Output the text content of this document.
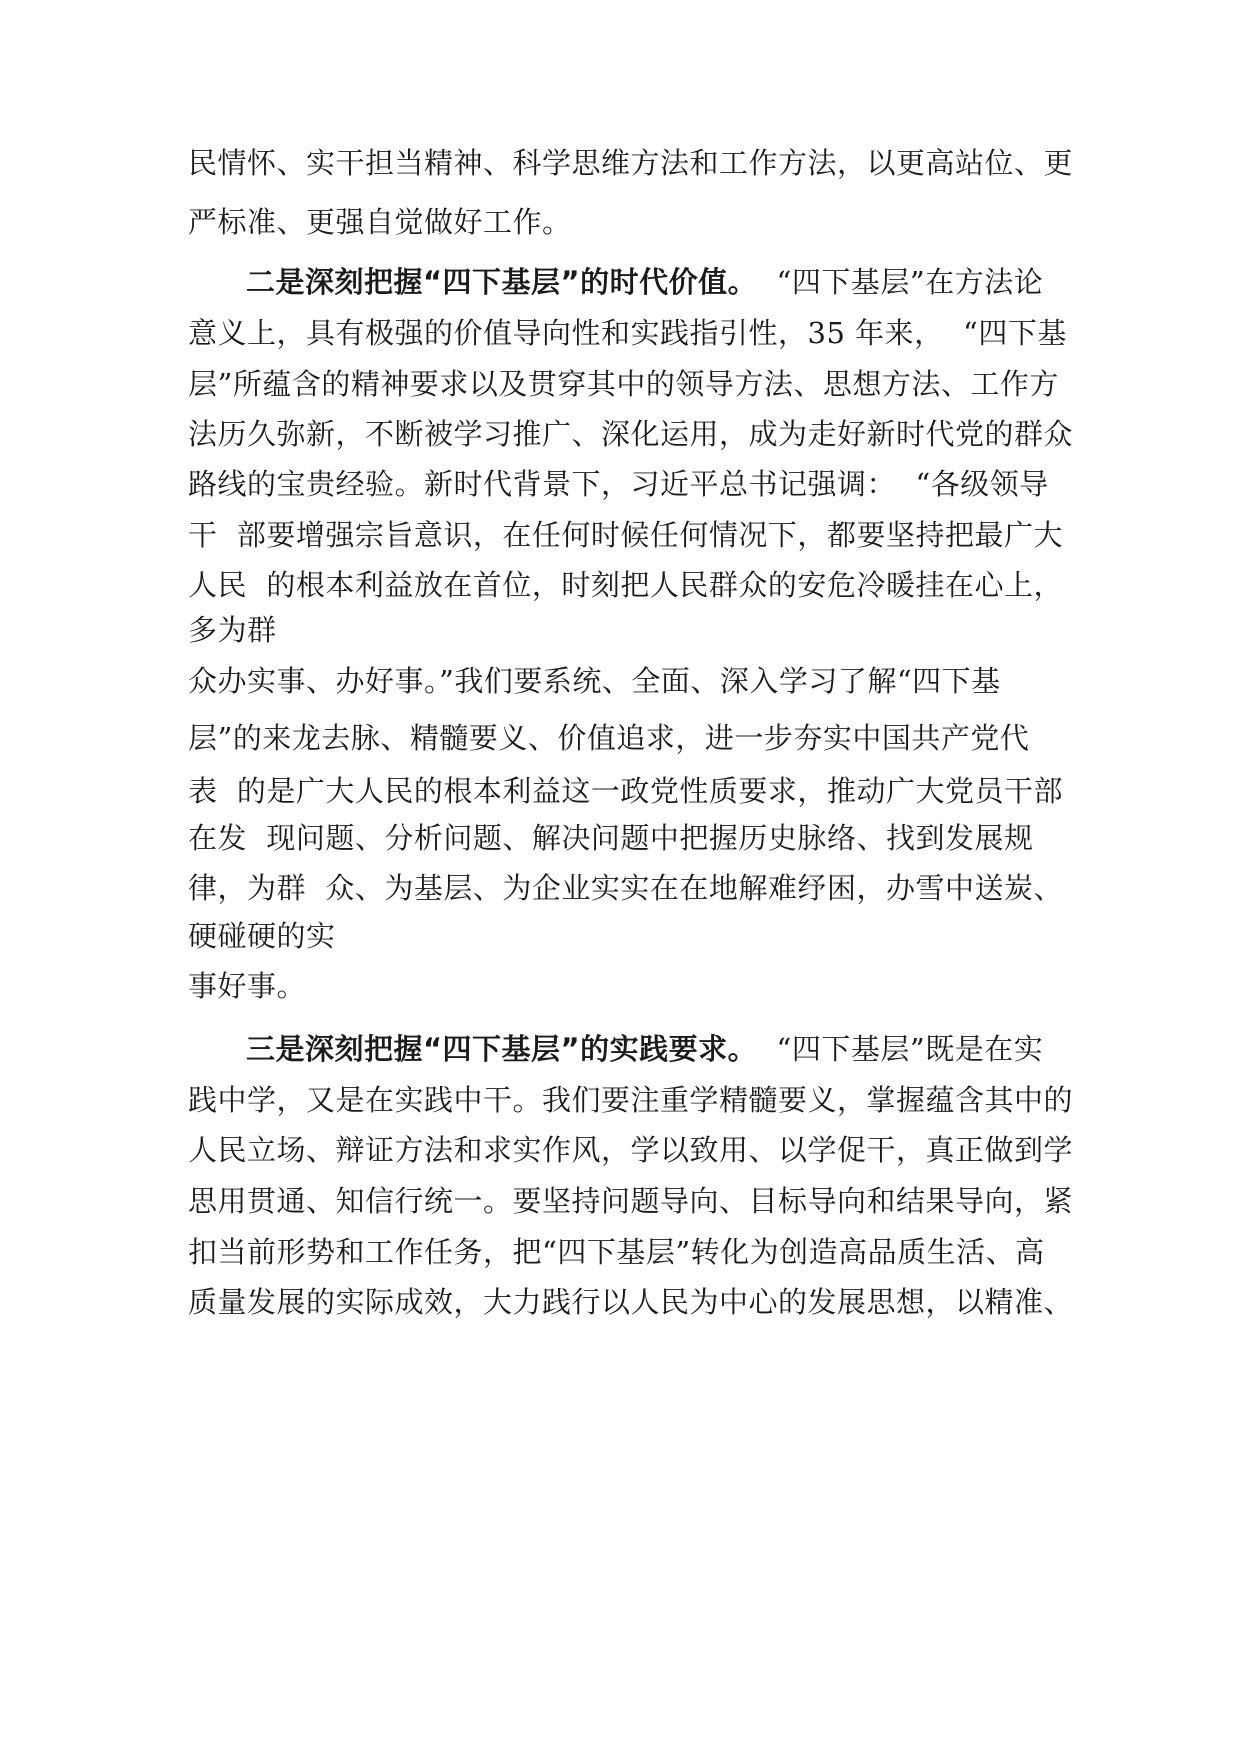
民情怀、实干担当精神、科学思维方法和工作方法，以更高站位、更
严标准、更强自觉做好工作。
二是深刻把握“四下基层”的时代价值。  “四下基层”在方法论
意义上，具有极强的价值导向性和实践指引性，35 年来，  “四下基
层”所蕴含的精神要求以及贯穿其中的领导方法、思想方法、工作方
法历久弥新，不断被学习推广、深化运用，成为走好新时代党的群众
路线的宝贵经验。新时代背景下，习近平总书记强调：  “各级领导
干  部要增强宗旨意识，在任何时候任何情况下，都要坚持把最广大
人民  的根本利益放在首位，时刻把人民群众的安危冷暖挂在心上，
多为群
众办实事、办好事。”我们要系统、全面、深入学习了解“四下基
层”的来龙去脉、精髓要义、价值追求，进一步夯实中国共产党代
表  的是广大人民的根本利益这一政党性质要求，推动广大党员干部
在发  现问题、分析问题、解决问题中把握历史脉络、找到发展规
律，为群  众、为基层、为企业实实在在地解难纾困，办雪中送炭、
硬碰硬的实
事好事。
三是深刻把握“四下基层”的实践要求。  “四下基层”既是在实
践中学，又是在实践中干。我们要注重学精髓要义，掌握蕴含其中的
人民立场、辩证方法和求实作风，学以致用、以学促干，真正做到学
思用贯通、知信行统一。要坚持问题导向、目标导向和结果导向，紧
扣当前形势和工作任务，把“四下基层”转化为创造高品质生活、高
质量发展的实际成效，大力践行以人民为中心的发展思想，以精准、
